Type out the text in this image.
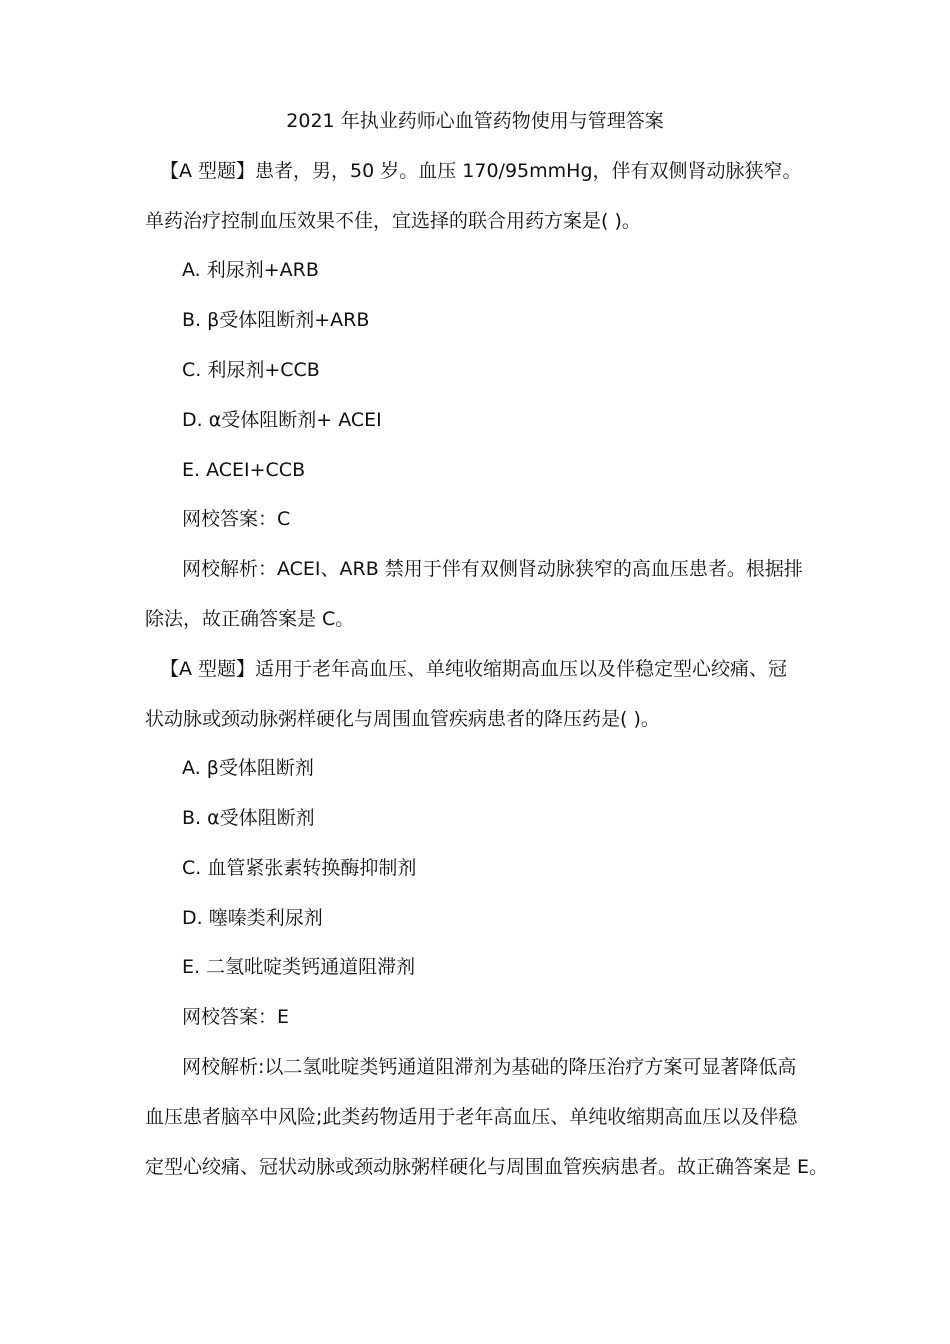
2021 年执业药师心血管药物使用与管理答案
【A 型题】患者，男，50 岁。血压 170/95mmHg，伴有双侧肾动脉狭窄。
单药治疗控制血压效果不佳，宜选择的联合用药方案是( )。
A. 利尿剂+ARB
B. β受体阻断剂+ARB
C. 利尿剂+CCB
D. α受体阻断剂+ ACEI
E. ACEI+CCB
网校答案：C
网校解析：ACEI、ARB 禁用于伴有双侧肾动脉狭窄的高血压患者。根据排
除法，故正确答案是 C。
【A 型题】适用于老年高血压、单纯收缩期高血压以及伴稳定型心绞痛、冠
状动脉或颈动脉粥样硬化与周围血管疾病患者的降压药是( )。
A. β受体阻断剂
B. α受体阻断剂
C. 血管紧张素转换酶抑制剂
D. 噻嗪类利尿剂
E. 二氢吡啶类钙通道阻滞剂
网校答案：E
网校解析:以二氢吡啶类钙通道阻滞剂为基础的降压治疗方案可显著降低高
血压患者脑卒中风险;此类药物适用于老年高血压、单纯收缩期高血压以及伴稳
定型心绞痛、冠状动脉或颈动脉粥样硬化与周围血管疾病患者。故正确答案是 E。
